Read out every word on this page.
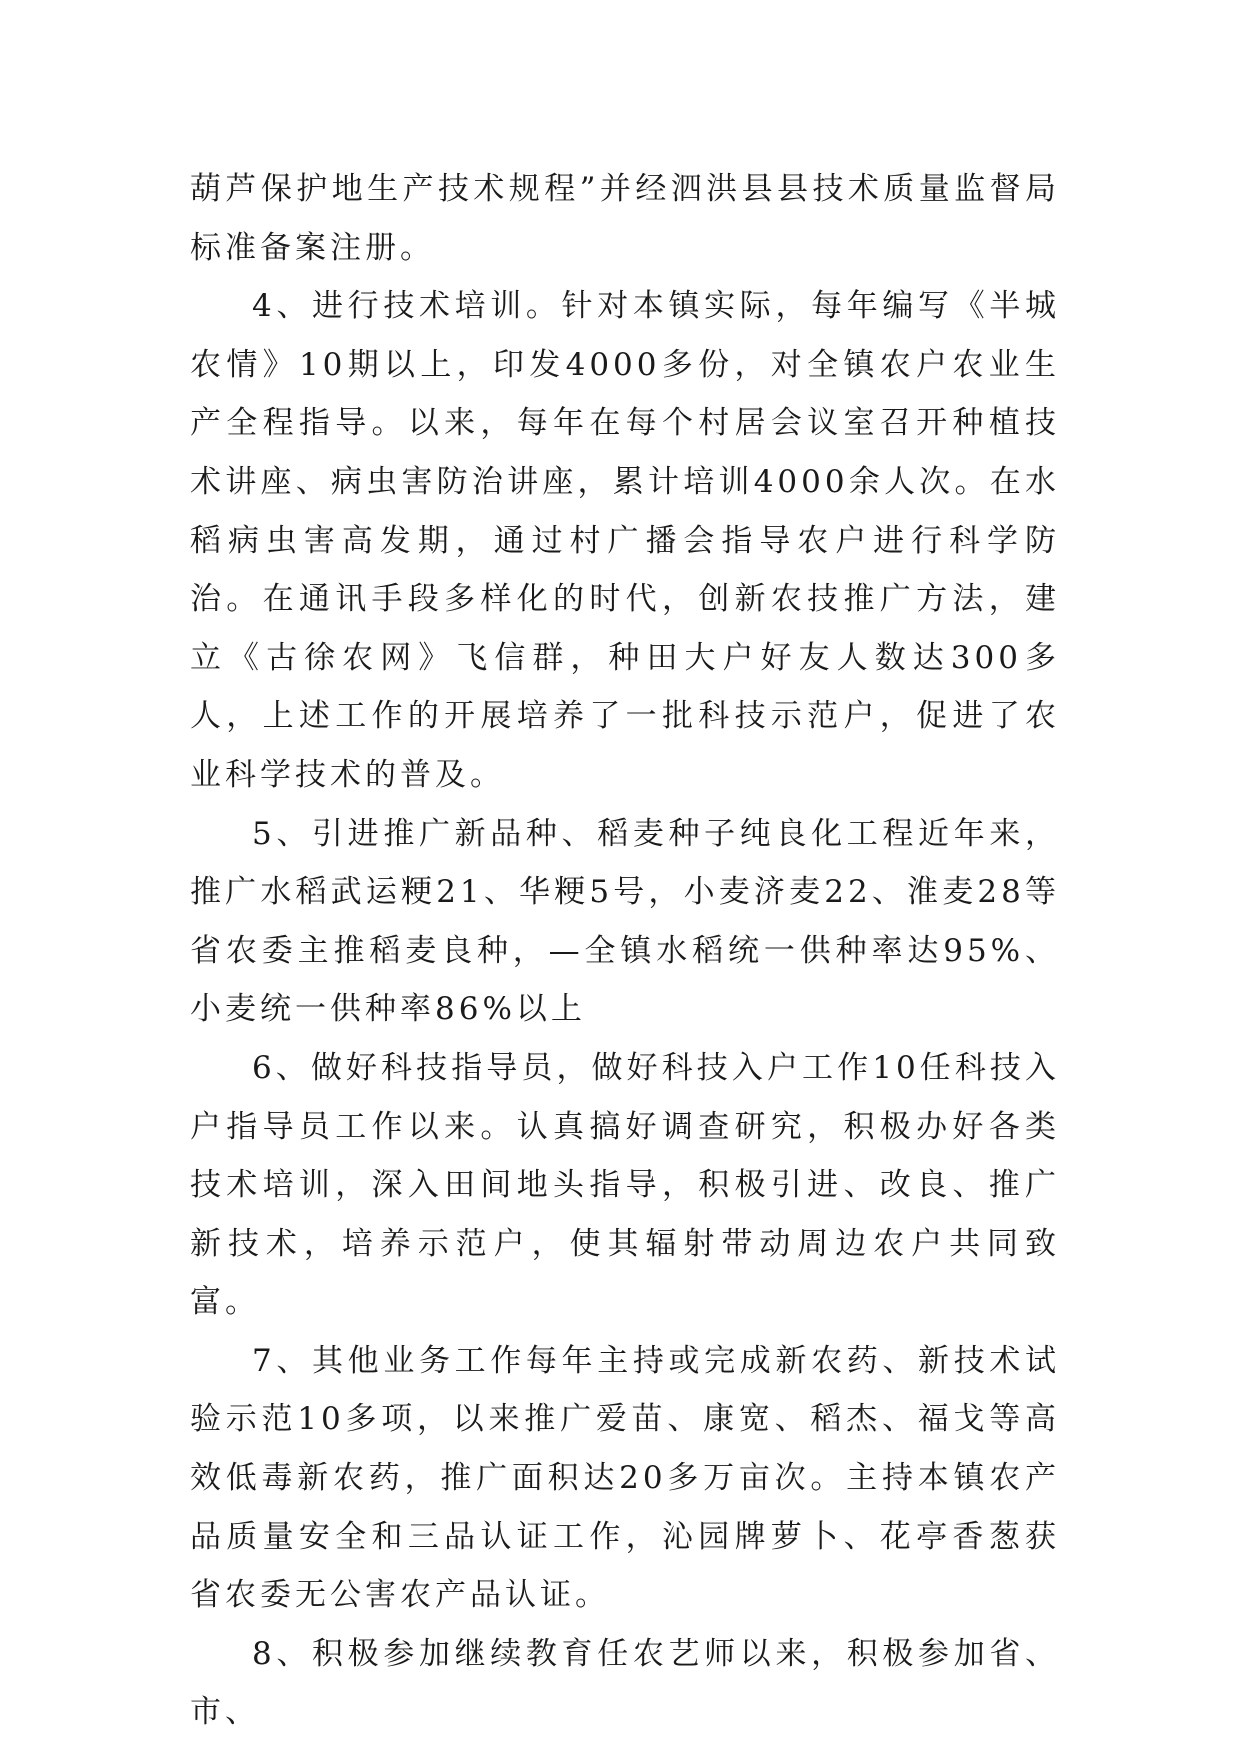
葫芦保护地生产技术规程”并经泗洪县县技术质量监督局标准备案注册。

4、进行技术培训。针对本镇实际，每年编写《半城农情》10期以上，印发4000多份，对全镇农户农业生产全程指导。以来，每年在每个村居会议室召开种植技术讲座、病虫害防治讲座，累计培训4000余人次。在水稻病虫害高发期，通过村广播会指导农户进行科学防治。在通讯手段多样化的时代，创新农技推广方法，建立《古徐农网》飞信群，种田大户好友人数达300多人，上述工作的开展培养了一批科技示范户，促进了农业科学技术的普及。

5、引进推广新品种、稻麦种子纯良化工程近年来，推广水稻武运粳21、华粳5号，小麦济麦22、淮麦28等省农委主推稻麦良种，—全镇水稻统一供种率达95%、小麦统一供种率86%以上

6、做好科技指导员，做好科技入户工作10任科技入户指导员工作以来。认真搞好调查研究，积极办好各类技术培训，深入田间地头指导，积极引进、改良、推广新技术，培养示范户，使其辐射带动周边农户共同致富。

7、其他业务工作每年主持或完成新农药、新技术试验示范10多项，以来推广爱苗、康宽、稻杰、福戈等高效低毒新农药，推广面积达20多万亩次。主持本镇农产品质量安全和三品认证工作，沁园牌萝卜、花亭香葱获省农委无公害农产品认证。

8、积极参加继续教育任农艺师以来，积极参加省、市、
